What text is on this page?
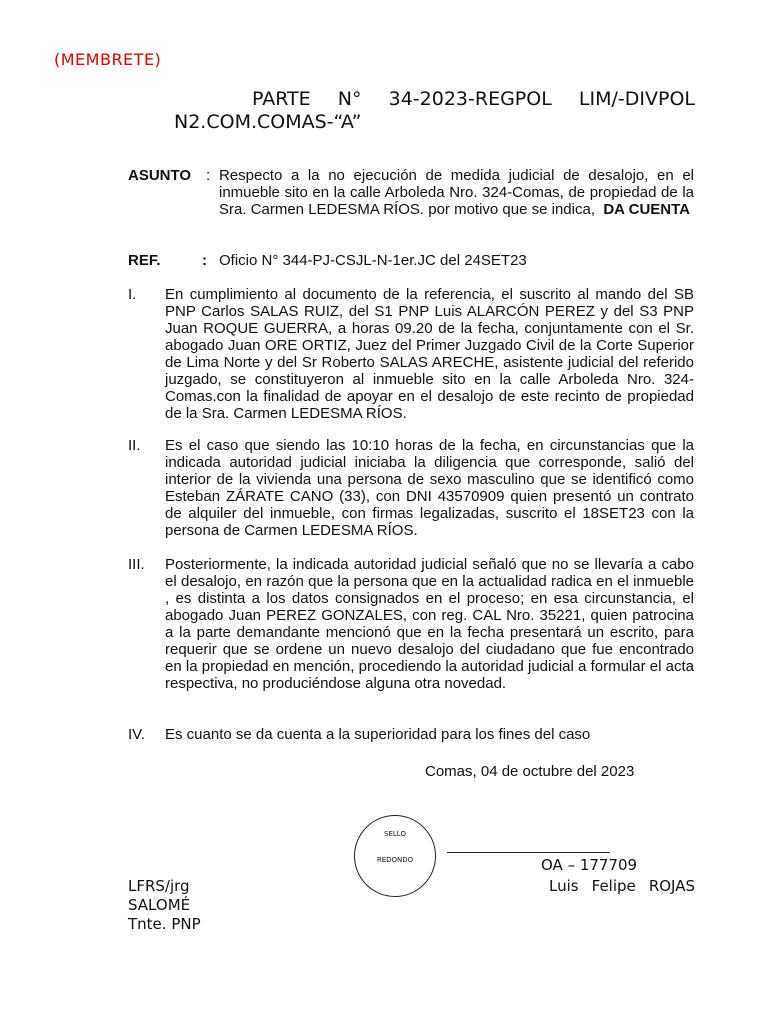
(MEMBRETE)
PARTE N° 34-2023-REGPOL LIM/-DIVPOL
N2.COM.COMAS-“A”
ASUNTO : Respecto a la no ejecución de medida judicial de desalojo, en el inmueble sito en la calle Arboleda Nro. 324-Comas, de propiedad de la Sra. Carmen LEDESMA RÍOS. por motivo que se indica, DA CUENTA
REF.	: Oficio N° 344-PJ-CSJL-N-1er.JC del 24SET23
I. En cumplimiento al documento de la referencia, el suscrito al mando del SB PNP Carlos SALAS RUIZ, del S1 PNP Luis ALARCÓN PEREZ y del S3 PNP Juan ROQUE GUERRA, a horas 09.20 de la fecha, conjuntamente con el Sr. abogado Juan ORE ORTIZ, Juez del Primer Juzgado Civil de la Corte Superior de Lima Norte y del Sr Roberto SALAS ARECHE, asistente judicial del referido juzgado, se constituyeron al inmueble sito en la calle Arboleda Nro. 324-Comas.con la finalidad de apoyar en el desalojo de este recinto de propiedad de la Sra. Carmen LEDESMA RÍOS.
II. Es el caso que siendo las 10:10 horas de la fecha, en circunstancias que la indicada autoridad judicial iniciaba la diligencia que corresponde, salió del interior de la vivienda una persona de sexo masculino que se identificó como Esteban ZÁRATE CANO (33), con DNI 43570909 quien presentó un contrato de alquiler del inmueble, con firmas legalizadas, suscrito el 18SET23 con la persona de Carmen LEDESMA RÍOS.
III. Posteriormente, la indicada autoridad judicial señaló que no se llevaría a cabo el desalojo, en razón que la persona que en la actualidad radica en el inmueble , es distinta a los datos consignados en el proceso; en esa circunstancia, el abogado Juan PEREZ GONZALES, con reg. CAL Nro. 35221, quien patrocina a la parte demandante mencionó que en la fecha presentará un escrito, para requerir que se ordene un nuevo desalojo del ciudadano que fue encontrado en la propiedad en mención, procediendo la autoridad judicial a formular el acta respectiva, no produciéndose alguna otra novedad.
IV. Es cuanto se da cuenta a la superioridad para los fines del caso
Comas, 04 de octubre del 2023
SELLO
REDONDO	OA – 177709
Luis Felipe ROJAS
LFRS/jrg
SALOMÉ
Tnte. PNP
